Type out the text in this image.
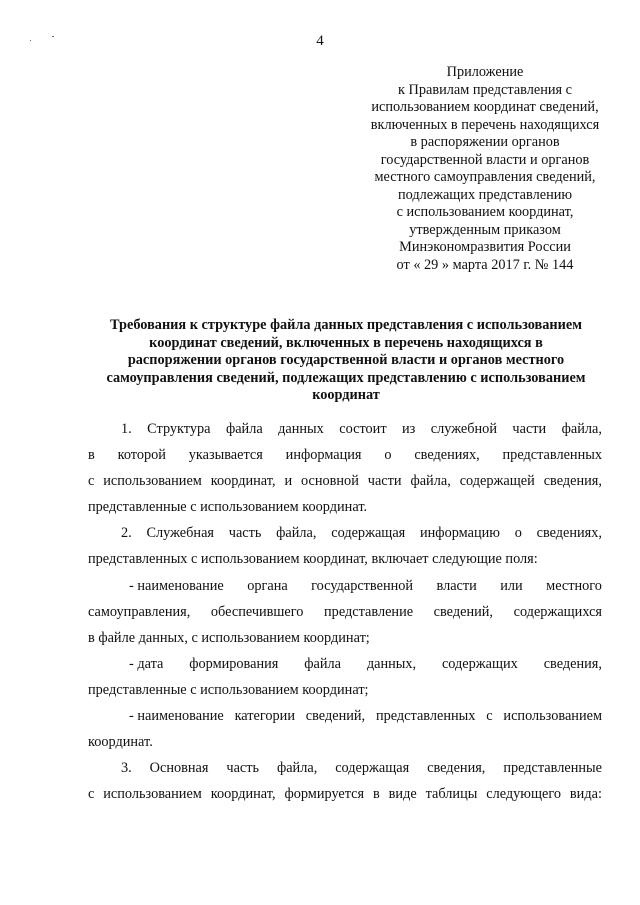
4
Приложение
к Правилам представления с
использованием координат сведений,
включенных в перечень находящихся
в распоряжении органов
государственной власти и органов
местного самоуправления сведений,
подлежащих представлению
с использованием координат,
утвержденным приказом
Минэкономразвития России
от « 29 » марта 2017 г. № 144
Требования к структуре файла данных представления с использованием
координат сведений, включенных в перечень находящихся в
распоряжении органов государственной власти и органов местного
самоуправления сведений, подлежащих представлению с использованием
координат
1. Структура файла данных состоит из служебной части файла,
в которой указывается информация о сведениях, представленных
с использованием координат, и основной части файла, содержащей сведения,
представленные с использованием координат.
2. Служебная часть файла, содержащая информацию о сведениях,
представленных с использованием координат, включает следующие поля:
- наименование органа государственной власти или местного
самоуправления, обеспечившего представление сведений, содержащихся
в файле данных, с использованием координат;
- дата формирования файла данных, содержащих сведения,
представленные с использованием координат;
- наименование категории сведений, представленных с использованием
координат.
3. Основная часть файла, содержащая сведения, представленные
с использованием координат, формируется в виде таблицы следующего вида:
